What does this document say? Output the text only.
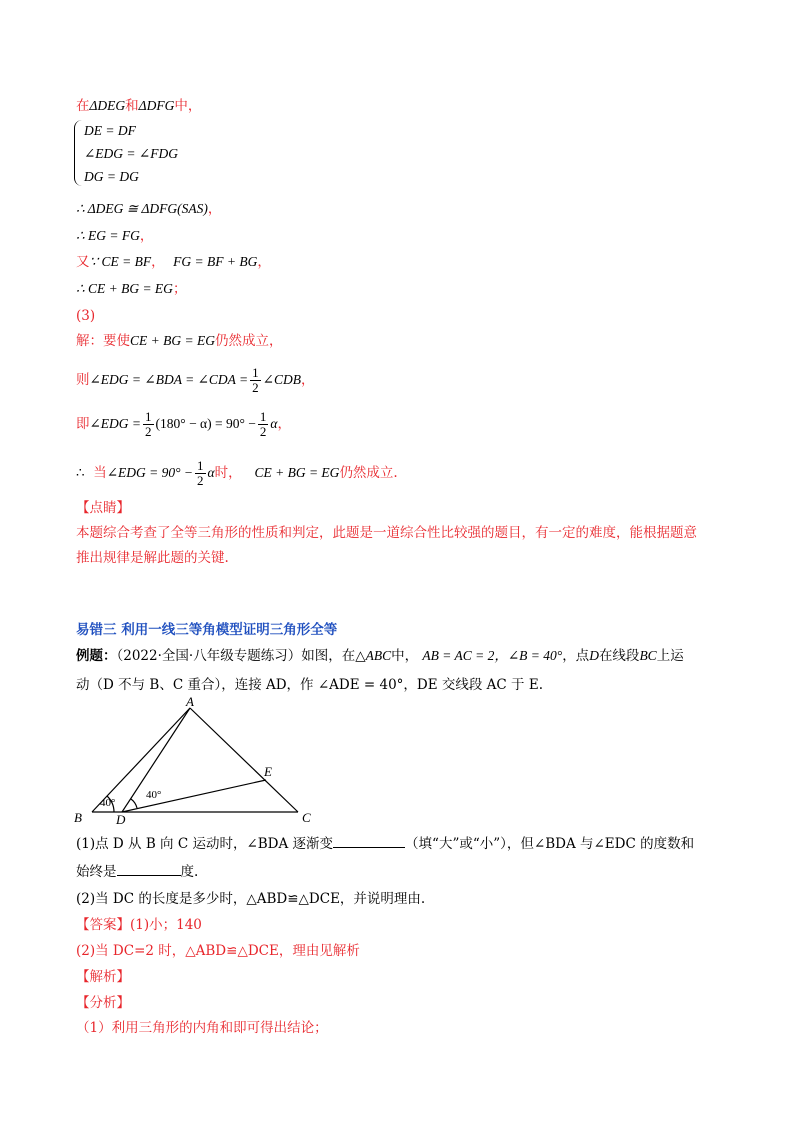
在ΔDEG和ΔDFG中，
DE = DF
∠EDG = ∠FDG
DG = DG
∴ ΔDEG ≅ ΔDFG(SAS)，
∴ EG = FG，
又∵ CE = BF， FG = BF + BG，
∴ CE + BG = EG；
(3)
解：要使CE + BG = EG仍然成立，
则∠EDG = ∠BDA = ∠CDA = $\frac{1}{2}$ ∠CDB，
即∠EDG = $\frac{1}{2} (180^\circ - \alpha) = 90^\circ - \frac{1}{2}$ α，
∴ 当∠EDG = $90^\circ - \frac{1}{2}$ α时， CE + BG = EG仍然成立.
【点睛】
本题综合考查了全等三角形的性质和判定，此题是一道综合性比较强的题目，有一定的难度，能根据题意
推出规律是解此题的关键.
易错三 利用一线三等角模型证明三角形全等
例题：（2022·全国·八年级专题练习）如图，在△ABC中， AB = AC = 2，∠B = 40°，点D在线段BC上运
动（D 不与 B、C 重合），连接 AD，作 ∠ADE = 40°，DE 交线段 AC 于 E.
A
B	C
D
E
40°
40°
(1)点 D 从 B 向 C 运动时，∠BDA 逐渐变	（填“大”或“小”），但∠BDA 与∠EDC 的度数和
始终是	度.
(2)当 DC 的长度是多少时，△ABD≌△DCE，并说明理由.
【答案】(1)小；140
(2)当 DC=2 时，△ABD≌△DCE，理由见解析
【解析】
【分析】
（1）利用三角形的内角和即可得出结论；
